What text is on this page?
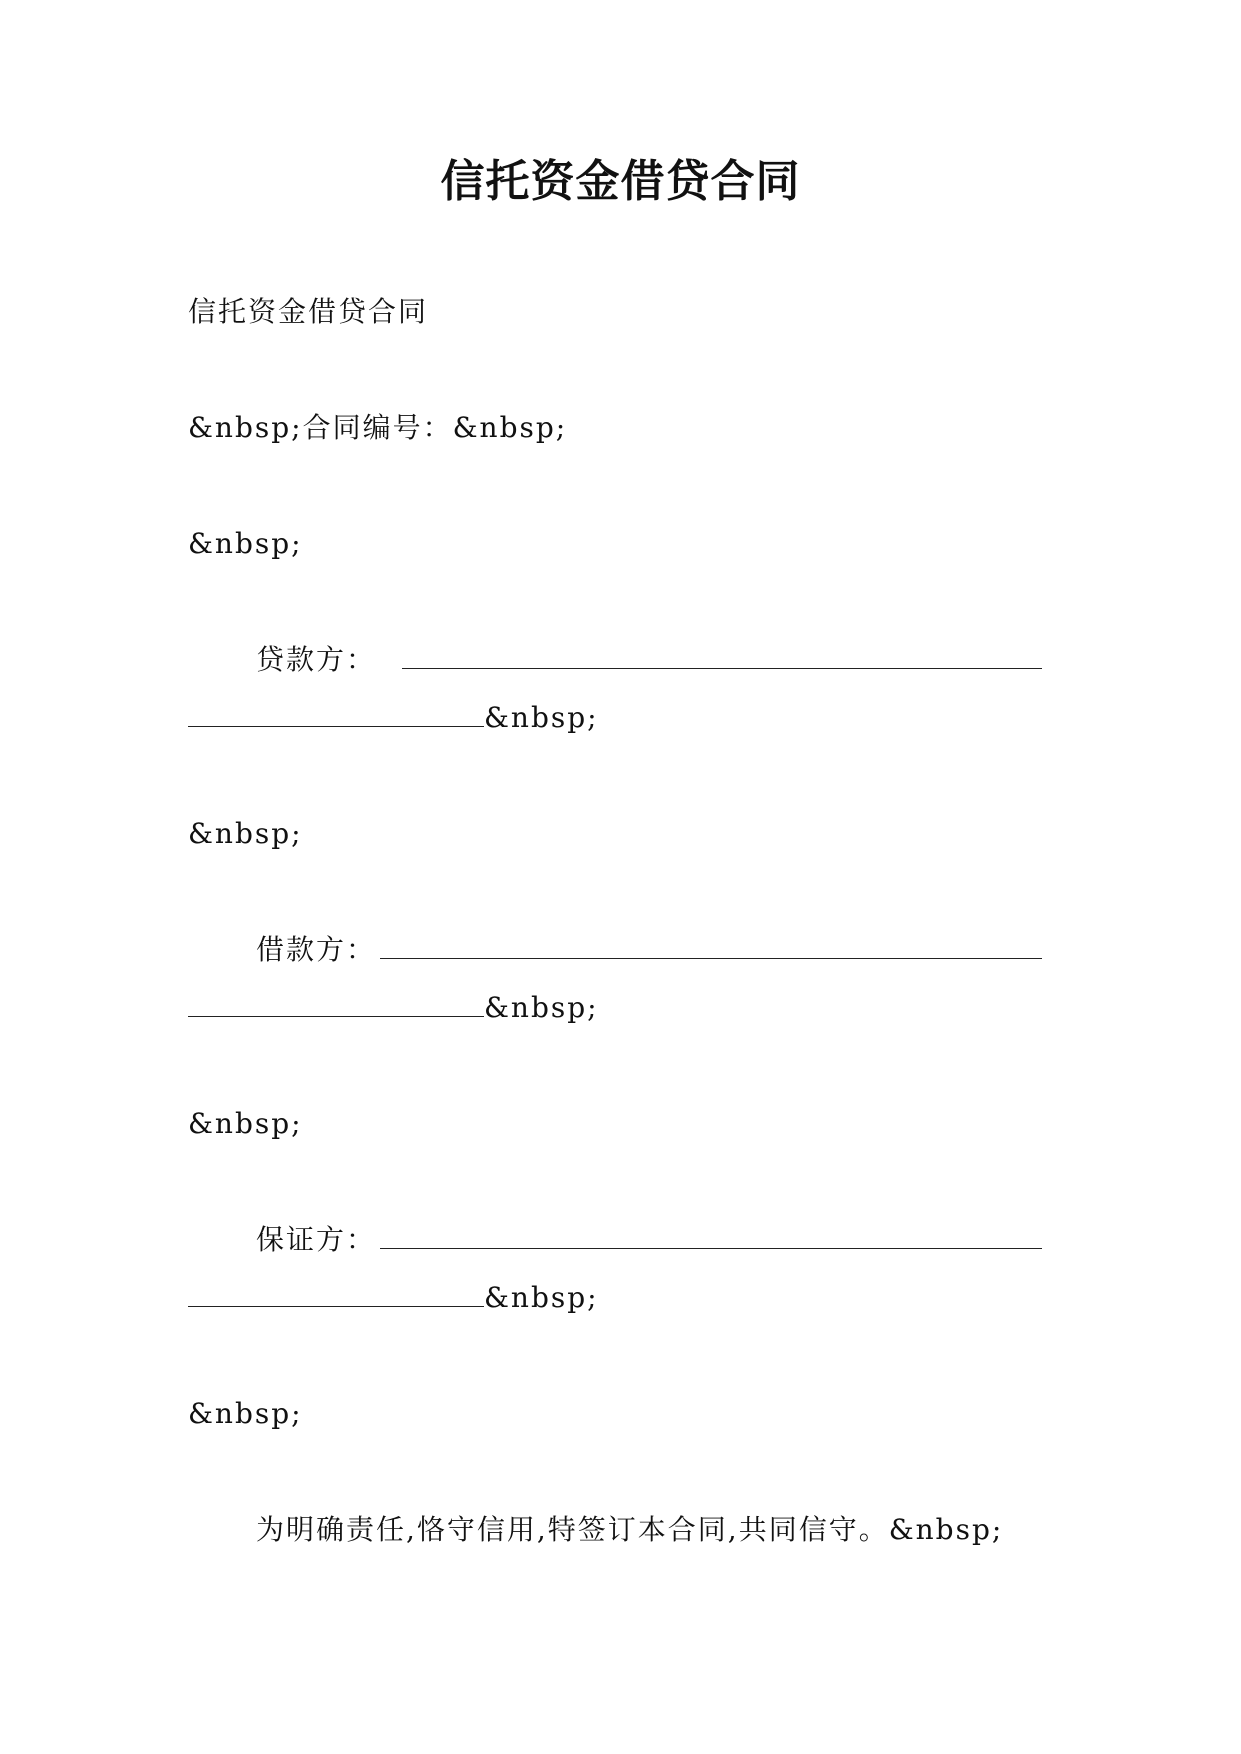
信托资金借贷合同
信托资金借贷合同
&nbsp;合同编号：&nbsp;
&nbsp;
贷款方：
&nbsp;
&nbsp;
借款方：
&nbsp;
&nbsp;
保证方：
&nbsp;
&nbsp;
为明确责任,恪守信用,特签订本合同,共同信守。&nbsp;
